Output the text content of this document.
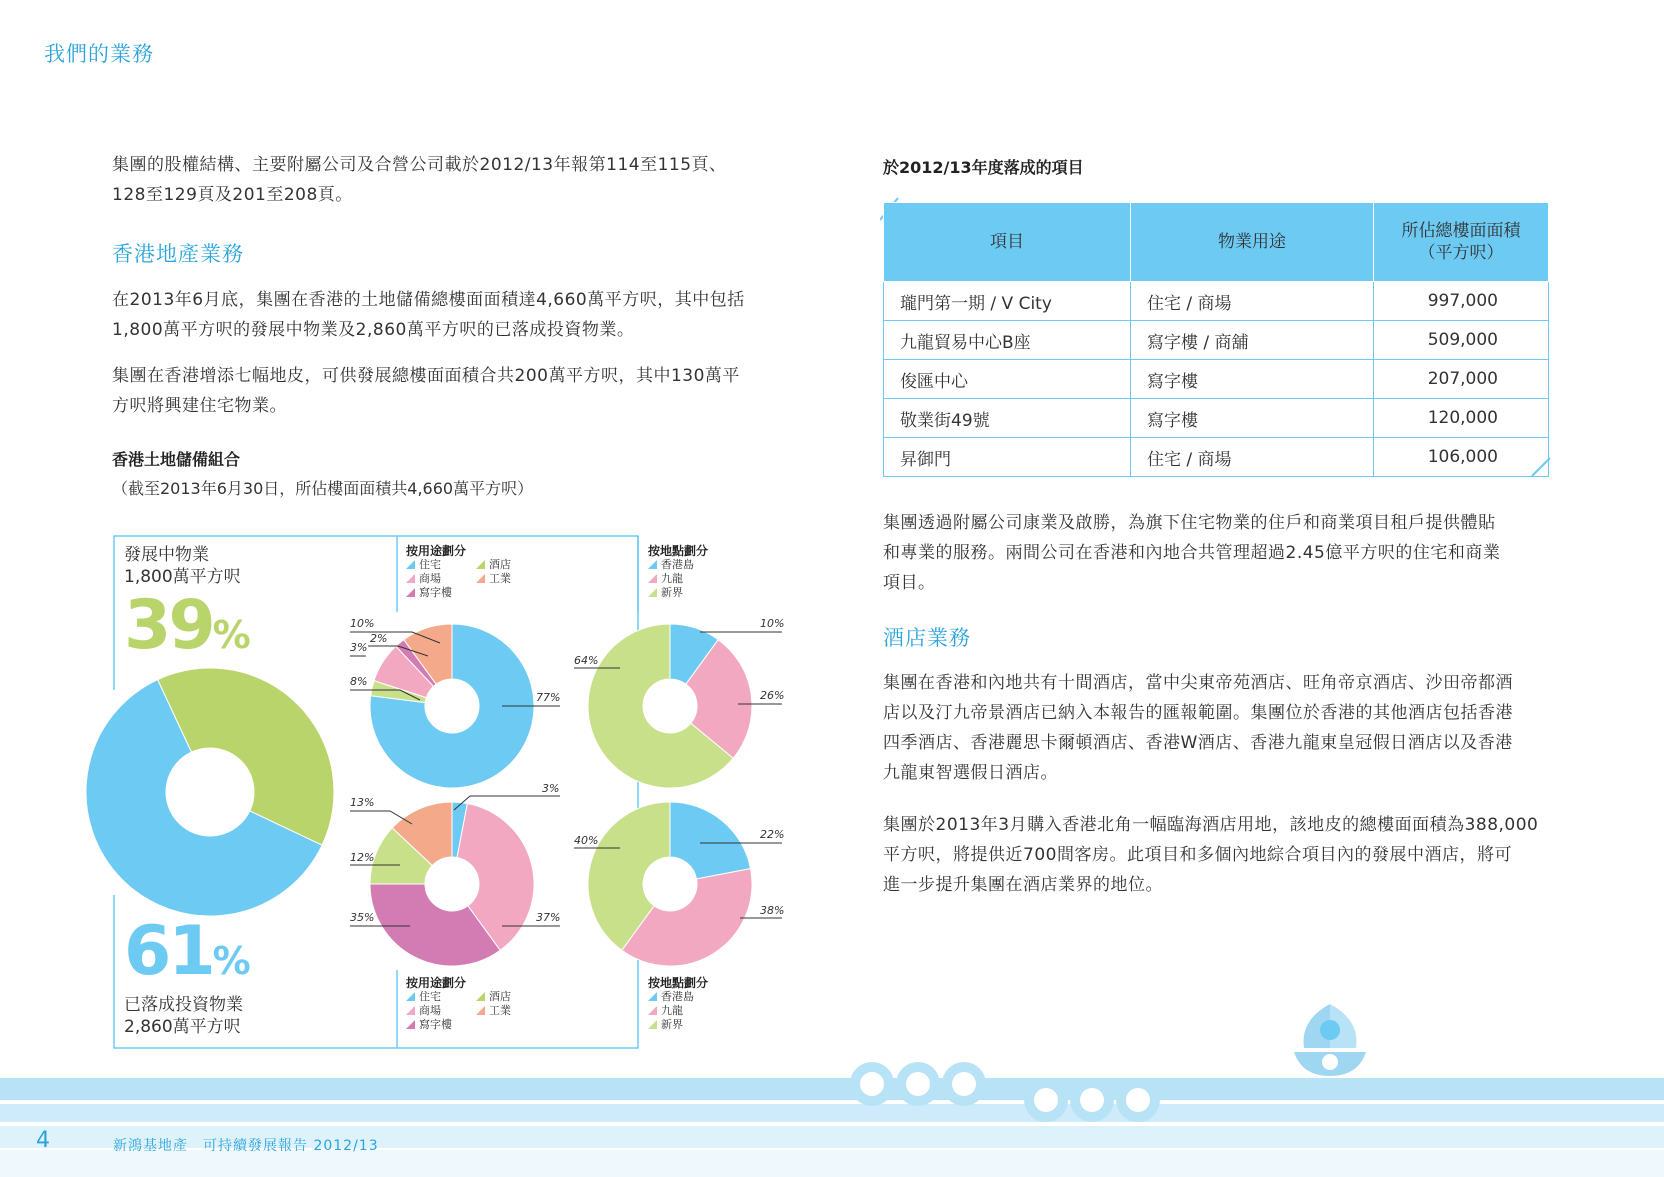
我們的業務
集團的股權結構、主要附屬公司及合營公司載於2012/13年報第114至115頁、
128至129頁及201至208頁。
香港地產業務
在2013年6月底，集團在香港的土地儲備總樓面面積達4,660萬平方呎，其中包括
1,800萬平方呎的發展中物業及2,860萬平方呎的已落成投資物業。
集團在香港增添七幅地皮，可供發展總樓面面積合共200萬平方呎，其中130萬平
方呎將興建住宅物業。
香港土地儲備組合
（截至2013年6月30日，所佔樓面面積共4,660萬平方呎）
發展中物業
1,800萬平方呎
39%
61%
已落成投資物業
2,860萬平方呎
按用途劃分
住宅	酒店
商場	工業
寫字樓
按地點劃分
香港島
九龍
新界
按用途劃分
住宅	酒店
商場	工業
寫字樓
按地點劃分
香港島
九龍
新界
10%
2%
3%
8%
77%
10%
64%
26%
13%
12%
35%
3%
37%
40%	22%
38%
於2012/13年度落成的項目
項目	物業用途	所佔總樓面面積
（平方呎）
瓏門第一期 / V City	住宅 / 商場	997,000
九龍貿易中心B座	寫字樓 / 商舖	509,000
俊匯中心	寫字樓	207,000
敬業街49號	寫字樓	120,000
昇御門	住宅 / 商場	106,000
集團透過附屬公司康業及啟勝，為旗下住宅物業的住戶和商業項目租戶提供體貼
和專業的服務。兩間公司在香港和內地合共管理超過2.45億平方呎的住宅和商業
項目。
酒店業務
集團在香港和內地共有十間酒店，當中尖東帝苑酒店、旺角帝京酒店、沙田帝都酒
店以及汀九帝景酒店已納入本報告的匯報範圍。集團位於香港的其他酒店包括香港
四季酒店、香港麗思卡爾頓酒店、香港W酒店、香港九龍東皇冠假日酒店以及香港
九龍東智選假日酒店。
集團於2013年3月購入香港北角一幅臨海酒店用地，該地皮的總樓面面積為388,000
平方呎，將提供近700間客房。此項目和多個內地綜合項目內的發展中酒店，將可
進一步提升集團在酒店業界的地位。
4	新鴻基地產　可持續發展報告 2012/13
